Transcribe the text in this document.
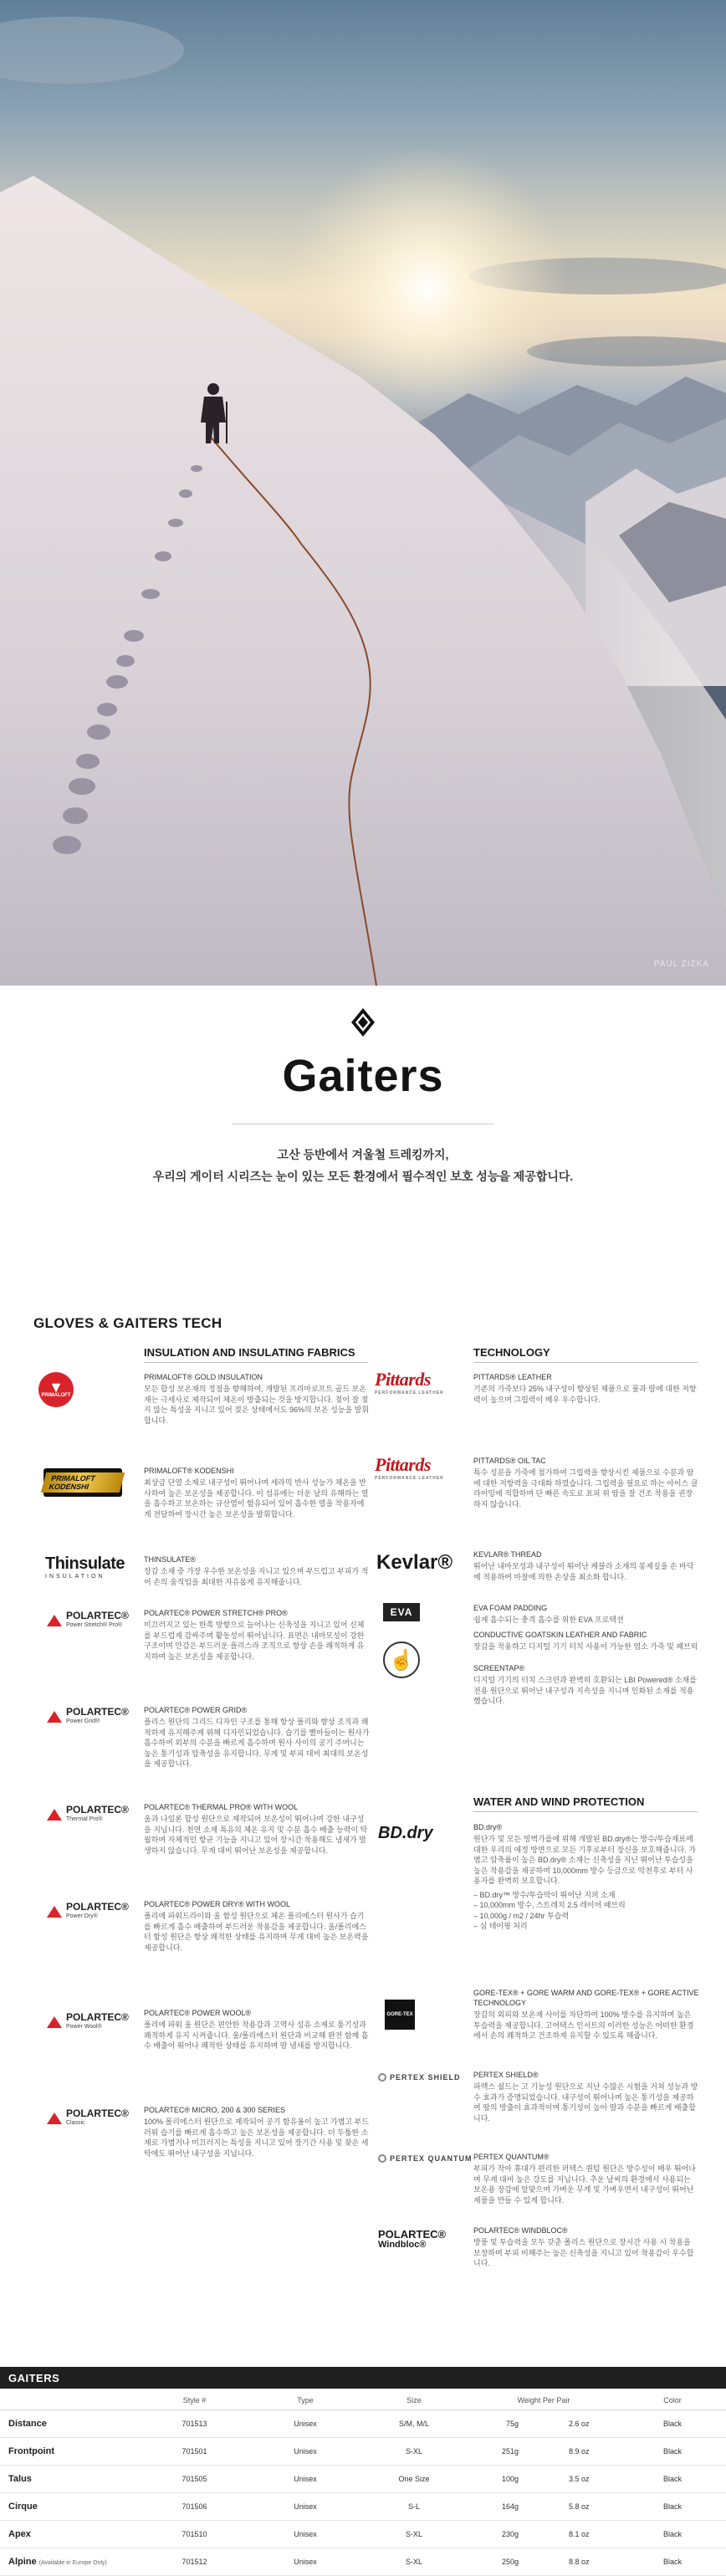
PAUL ZIZKA
Gaiters
고산 등반에서 겨울철 트레킹까지,
우리의 게이터 시리즈는 눈이 있는 모든 환경에서 필수적인 보호 성능을 제공합니다.
GLOVES & GAITERS TECH
INSULATION AND INSULATING FABRICS
▼
PRIMALOFT
PRIMALOFT® GOLD INSULATION
모든 합성 보온재의 정점을 향해하여, 개발된 프리마로프트 골드 보온재는 극세사로 제작되어 체온이 방출되는 것을 방지합니다. 젖어 잘 젖지 않는 특성을 지니고 있어 젖은 상태에서도 96%의 보온 성능을 발휘합니다.
PRIMALOFT KODENSHI
PRIMALOFT® KODENSHI
최상급 단열 소재로 내구성이 뛰어나며 세라믹 반사 성능가 체온을 반사하여 높은 보온성을 제공합니다. 이 섬유에는 더운 날의 유해하는 열을 흡수하고 보온하는 규산염이 함유되어 있어 흡수한 열을 착용자에게 전달하여 장시간 높은 보온성을 발휘합니다.
Thinsulate
INSULATION
THINSULATE®
장갑 소재 중 가장 우수한 보온성을 지니고 있으며 부드럽고 부피가 적어 손의 움직임을 최대한 자유롭게 유지해줍니다.
POLARTEC®
Power Stretch® Pro®
POLARTEC® POWER STRETCH® PRO®
미끄러지고 있는 한쪽 방향으로 늘어나는 신축성을 지니고 있어 신체를 부드럽게 감싸주며 활동성이 뛰어납니다. 표면은 내마모성이 강한 구조이며 안감은 부드러운 플리스라 조직으로 항상 손을 쾌적하게 유지하며 높은 보온성을 제공합니다.
POLARTEC®
Power Grid®
POLARTEC® POWER GRID®
플리스 원단의 그리드 디자인 구조를 통해 항상 폴리와 향상 조직과 쾌적하게 유지해주게 위해 디자인되었습니다. 습기를 빨아들이는 원사가 흡수하여 외부의 수분을 빠르게 흡수하며 원사 사이의 공기 주머니는 높은 통기성과 압축성을 유지합니다. 무게 및 부피 대비 최대의 보온성을 제공합니다.
POLARTEC®
Thermal Pro®
POLARTEC® THERMAL PRO® WITH WOOL
울과 나일론 합성 원단으로 제작되어 보온성이 뛰어나며 강한 내구성을 지닙니다. 천연 소재 특유의 체온 유지 및 수분 흡수 배출 능력이 탁월하며 자체적인 항균 기능을 지니고 있어 장시간 착용해도 냄새가 발생하지 않습니다. 무게 대비 뛰어난 보온성을 제공합니다.
POLARTEC®
Power Dry®
POLARTEC® POWER DRY® WITH WOOL
폴리에 파워드라이와 울 함성 원단으로 체온 폴리에스터 원사가 습기를 빠르게 흡수 배출하여 부드러운 착용감을 제공합니다. 울/폴리에스터 함성 원단은 항상 쾌적한 상태를 유지하며 무게 대비 높은 보온력을 제공합니다.
POLARTEC®
Power Wool®
POLARTEC® POWER WOOL®
폴리에 파워 울 원단은 편안한 착용감과 고역사 섬유 소재로 통기성과 쾌적하게 유지 시켜줍니다. 울/폴리에스터 원단과 비교해 완전 함께 흡수 배출이 뛰어나 쾌적한 상태를 유지하며 땀 냄새를 방지합니다.
POLARTEC®
Classic
POLARTEC® MICRO, 200 & 300 SERIES
100% 폴리에스터 원단으로 제작되어 공기 함유율이 높고 가볍고 부드러워 습기를 빠르게 흡수하고 높은 보온성을 제공합니다. 더 두툼한 소재로 가볍거나 미끄러지는 특성을 지니고 있어 장기간 사용 및 잦은 세탁에도 뛰어난 내구성을 지닙니다.
TECHNOLOGY
Pittards
PERFORMANCE LEATHER
PITTARDS® LEATHER
기존의 가죽보다 25% 내구성이 향상된 제품으로 물과 땀에 대한 저항력이 높으며 그립력이 매우 우수합니다.
Pittards
PERFORMANCE LEATHER
PITTARDS® OIL TAC
특수 성분을 가죽에 첨가하여 그립력을 향상시킨 제품으로 수분과 땀에 대한 저항력을 극대화 하였습니다. 그립력을 필요로 하는 아이스 클라이밍에 적합하며 단 빠른 속도로 표피 위 땀을 잘 건조 착용을 권장하지 않습니다.
Kevlar®	KEVLAR® THREAD
뛰어난 내마모성과 내구성이 뛰어난 케블라 소재의 봉제실을 손 바닥에 적용하여 마찰에 의한 손상을 최소화 합니다.
EVA	EVA FOAM PADDING
쉽게 흡수되는 충격 흡수를 위한 EVA 프로텍션
☝
CONDUCTIVE GOATSKIN LEATHER AND FABRIC
장갑을 착용하고 디지털 기기 터치 사용이 가능한 염소 가죽 및 패브릭
SCREENTAP®
디지털 기기의 터치 스크린과 완벽히 호환되는 LBI Powered® 소재를 전용 원단으로 뛰어난 내구성과 지속성을 지니며 인화된 소재를 적용했습니다.
WATER AND WIND PROTECTION
BD.dry	BD.dry®
원단가 및 모든 빙벽가를에 위해 개발된 BD.dry®는 방수/투습재료에 대한 우리의 애정 방면으로 모든 기후로부터 장신을 보호해줍니다. 가볍고 압축률이 높은 BD.dry® 소재는 신축성을 지닌 뛰어난 투습성을 높은 착용감을 제공하며 10,000mm 방수 등급으로 악천후로 부터 사용자를 완벽히 보호합니다.
– BD.dry™ 방수/투습막이 뛰어난 지퍼 소재
– 10,000mm 방수, 스트레치 2.5 레이어 패브릭
– 10,000g / m2 / 24hr 투습력
– 심 테이핑 처리
GORE-TEX
GORE-TEX® + GORE WARM AND GORE-TEX® + GORE ACTIVE TECHNOLOGY
장갑의 외피와 보온재 사이를 차단하여 100% 방수를 유지하며 높은 투습력을 제공합니다. 고어텍스 인서트의 이러한 성능은 어떠한 환경에서 손의 쾌적하고 건조하게 유지할 수 있도록 해줍니다.
PERTEX SHIELD PERTEX SHIELD®
파맥스 쉴드는 고 기능성 원단으로 지난 수많은 시험을 거쳐 성능과 방수 효과가 증명되었습니다. 내구성이 뛰어나며 높은 통기성을 제공하여 땀의 방출이 효과적이며 통기성이 높아 땀과 수분을 빠르게 배출합니다.
PERTEX QUANTUM PERTEX QUANTUM®
부피가 작아 휴대가 편리한 퍼텍스 퀀텀 원단은 방수성이 매우 뛰어나며 무게 대비 높은 강도를 지닙니다. 추운 날씨의 환경에서 사용되는 보온용 장갑에 알맞으며 가벼운 무게 및 가벼우면서 내구성이 뛰어난 제품을 만들 수 있게 합니다.
POLARTEC®
Windbloc®
POLARTEC® WINDBLOC®
방풍 및 투습력을 모두 갖춘 폴리스 원단으로 장시간 사용 시 착용을 보장하며 부피 비해주는 높은 신축성을 지니고 있어 착용감이 우수합니다.
GAITERS
	Style #	Type	Size	Weight Per Pair		Color
Distance	701513	Unisex	S/M, M/L	75g	2.6 oz	Black
Frontpoint	701501	Unisex	S-XL	251g	8.9 oz	Black
Talus	701505	Unisex	One Size	100g	3.5 oz	Black
Cirque	701506	Unisex	S-L	164g	5.8 oz	Black
Apex	701510	Unisex	S-XL	230g	8.1 oz	Black
Alpine (Available in Europe Only)	701512	Unisex	S-XL	250g	8.8 oz	Black
